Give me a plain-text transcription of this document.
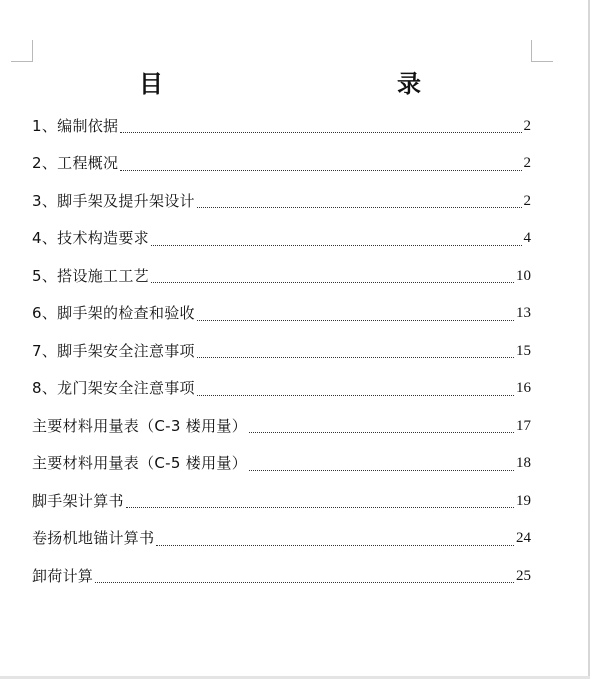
目　　录
1、编制依据	2
2、工程概况	2
3、脚手架及提升架设计	2
4、技术构造要求	4
5、搭设施工工艺	10
6、脚手架的检查和验收	13
7、脚手架安全注意事项	15
8、龙门架安全注意事项	16
主要材料用量表（C-3 楼用量）	17
主要材料用量表（C-5 楼用量）	18
脚手架计算书	19
卷扬机地锚计算书	24
卸荷计算	25
